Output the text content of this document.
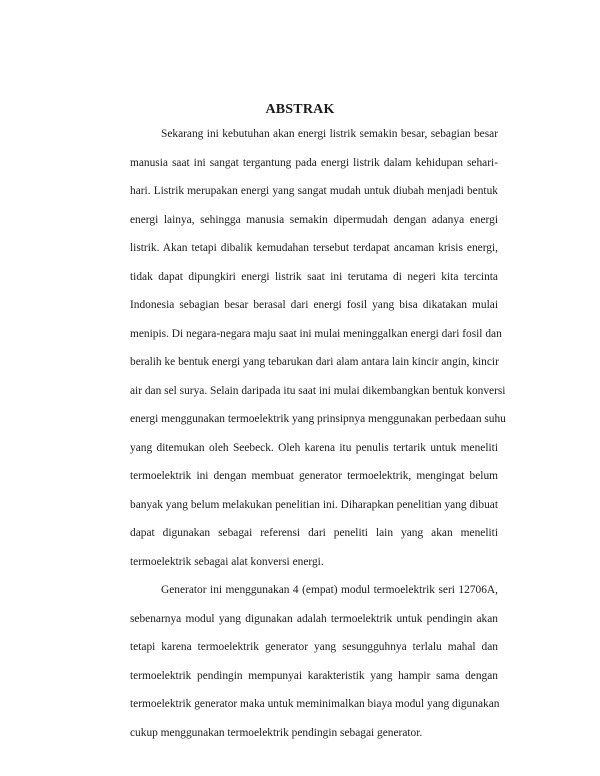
ABSTRAK
Sekarang ini kebutuhan akan energi listrik semakin besar, sebagian besar
manusia saat ini sangat tergantung pada energi listrik dalam kehidupan sehari-
hari. Listrik merupakan energi yang sangat mudah untuk diubah menjadi bentuk
energi lainya, sehingga manusia semakin dipermudah dengan adanya energi
listrik. Akan tetapi dibalik kemudahan tersebut terdapat ancaman krisis energi,
tidak dapat dipungkiri energi listrik saat ini terutama di negeri kita tercinta
Indonesia sebagian besar berasal dari energi fosil yang bisa dikatakan mulai
menipis. Di negara-negara maju saat ini mulai meninggalkan energi dari fosil dan
beralih ke bentuk energi yang tebarukan dari alam antara lain kincir angin, kincir
air dan sel surya. Selain daripada itu saat ini mulai dikembangkan bentuk konversi
energi menggunakan termoelektrik yang prinsipnya menggunakan perbedaan suhu
yang ditemukan oleh Seebeck. Oleh karena itu penulis tertarik untuk meneliti
termoelektrik ini dengan membuat generator termoelektrik, mengingat belum
banyak yang belum melakukan penelitian ini. Diharapkan penelitian yang dibuat
dapat digunakan sebagai referensi dari peneliti lain yang akan meneliti
termoelektrik sebagai alat konversi energi.
Generator ini menggunakan 4 (empat) modul termoelektrik seri 12706A,
sebenarnya modul yang digunakan adalah termoelektrik untuk pendingin akan
tetapi karena termoelektrik generator yang sesungguhnya terlalu mahal dan
termoelektrik pendingin mempunyai karakteristik yang hampir sama dengan
termoelektrik generator maka untuk meminimalkan biaya modul yang digunakan
cukup menggunakan termoelektrik pendingin sebagai generator.
